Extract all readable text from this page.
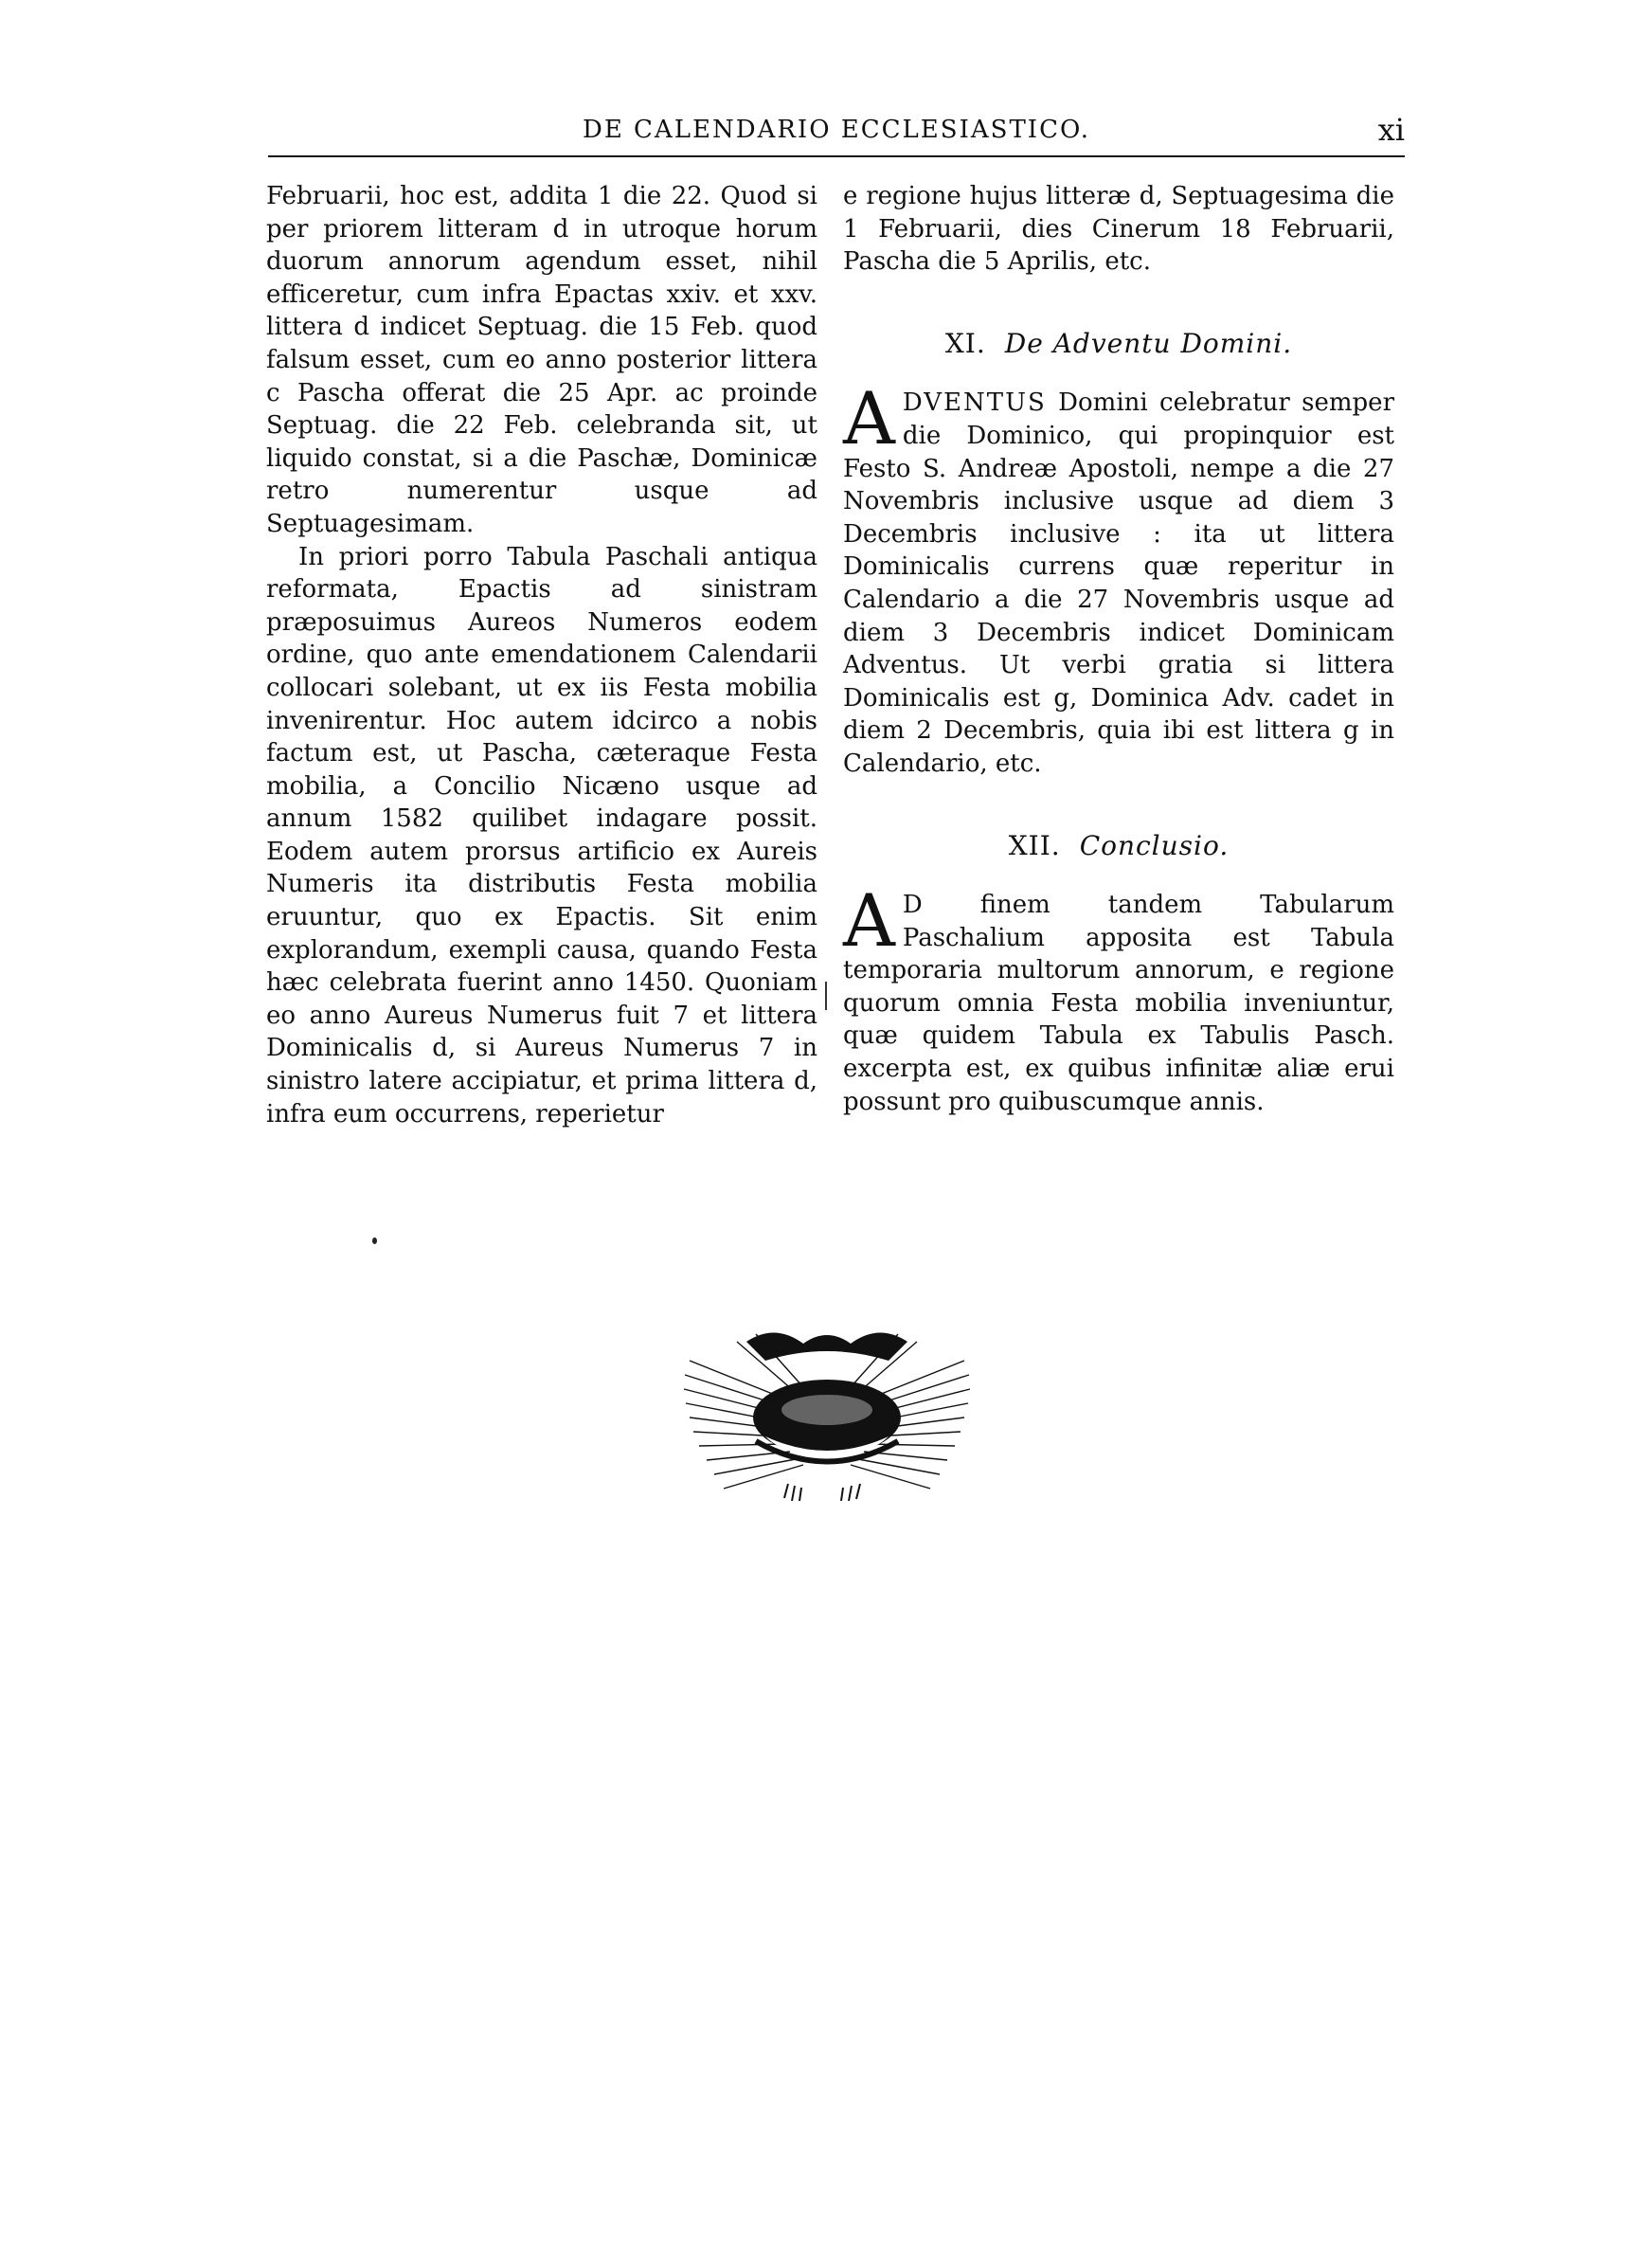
DE CALENDARIO ECCLESIASTICO.	xi

Februarii, hoc est, addita 1 die 22. Quod si per priorem litteram d in utroque horum duorum annorum agendum esset, nihil efficeretur, cum infra Epactas xxiv. et xxv. littera d indicet Septuag. die 15 Feb. quod falsum esset, cum eo anno posterior littera c Pascha offerat die 25 Apr. ac proinde Septuag. die 22 Feb. celebranda sit, ut liquido constat, si a die Paschæ, Dominicæ retro numerentur usque ad Septuagesimam.

In priori porro Tabula Paschali antiqua reformata, Epactis ad sinistram præposuimus Aureos Numeros eodem ordine, quo ante emendationem Calendarii collocari solebant, ut ex iis Festa mobilia invenirentur. Hoc autem idcirco a nobis factum est, ut Pascha, cæteraque Festa mobilia, a Concilio Nicæno usque ad annum 1582 quilibet indagare possit. Eodem autem prorsus artificio ex Aureis Numeris ita distributis Festa mobilia eruuntur, quo ex Epactis. Sit enim explorandum, exempli causa, quando Festa hæc celebrata fuerint anno 1450. Quoniam eo anno Aureus Numerus fuit 7 et littera Dominicalis d, si Aureus Numerus 7 in sinistro latere accipiatur, et prima littera d, infra eum occurrens, reperietur

e regione hujus litteræ d, Septuagesima die 1 Februarii, dies Cinerum 18 Februarii, Pascha die 5 Aprilis, etc.

XI. De Adventu Domini.

ADVENTUS Domini celebratur semper die Dominico, qui propinquior est Festo S. Andreæ Apostoli, nempe a die 27 Novembris inclusive usque ad diem 3 Decembris inclusive : ita ut littera Dominicalis currens quæ reperitur in Calendario a die 27 Novembris usque ad diem 3 Decembris indicet Dominicam Adventus. Ut verbi gratia si littera Dominicalis est g, Dominica Adv. cadet in diem 2 Decembris, quia ibi est littera g in Calendario, etc.

XII. Conclusio.

A D finem tandem Tabularum Paschalium apposita est Tabula temporaria multorum annorum, e regione quorum omnia Festa mobilia inveniuntur, quæ quidem Tabula ex Tabulis Pasch. excerpta est, ex quibus infinitæ aliæ erui possunt pro quibuscumque annis.
